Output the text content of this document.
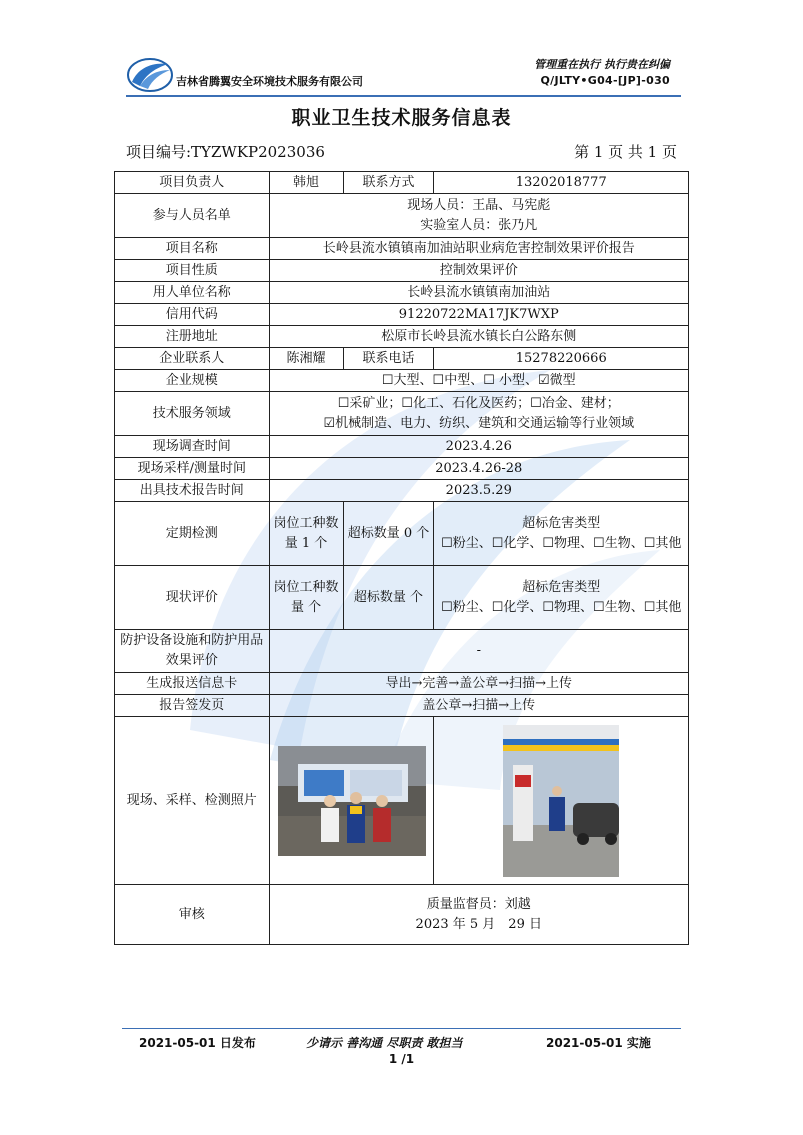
吉林省腾翼安全环境技术服务有限公司
管理重在执行 执行贵在纠偏
Q/JLTY•G04-[JP]-030
职业卫生技术服务信息表
项目编号:TYZWKP2023036	第 1 页 共 1 页
项目负责人	韩旭	联系方式	13202018777
参与人员名单	现场人员：王晶、马宪彪
实验室人员：张乃凡		

项目名称	长岭县流水镇镇南加油站职业病危害控制效果评价报告		
项目性质	控制效果评价		
用人单位名称	长岭县流水镇镇南加油站		
信用代码	91220722MA17JK7WXP		
注册地址	松原市长岭县流水镇长白公路东侧		
企业联系人	陈湘耀	联系电话	15278220666
企业规模	☐大型、☐中型、☐ 小型、☑微型		
技术服务领域	☐采矿业；☐化工、石化及医药；☐冶金、建材；
☑机械制造、电力、纺织、建筑和交通运输等行业领域		

现场调查时间	2023.4.26		
现场采样/测量时间	2023.4.26-28		
出具技术报告时间	2023.5.29		
定期检测	岗位工种数量 1 个	超标数量 0 个	超标危害类型
☐粉尘、☐化学、☐物理、☐生物、☐其他

现状评价	岗位工种数量 个	超标数量 个	超标危害类型
☐粉尘、☐化学、☐物理、☐生物、☐其他

防护设备设施和防护用品效果评价	-		
生成报送信息卡	导出→完善→盖公章→扫描→上传		
报告签发页	盖公章→扫描→上传		
现场、采样、检测照片		
审核	质量监督员：刘越
2023 年 5 月　29 日		
2021-05-01 日发布	少请示 善沟通 尽职责 敢担当	2021-05-01 实施
1 /1
